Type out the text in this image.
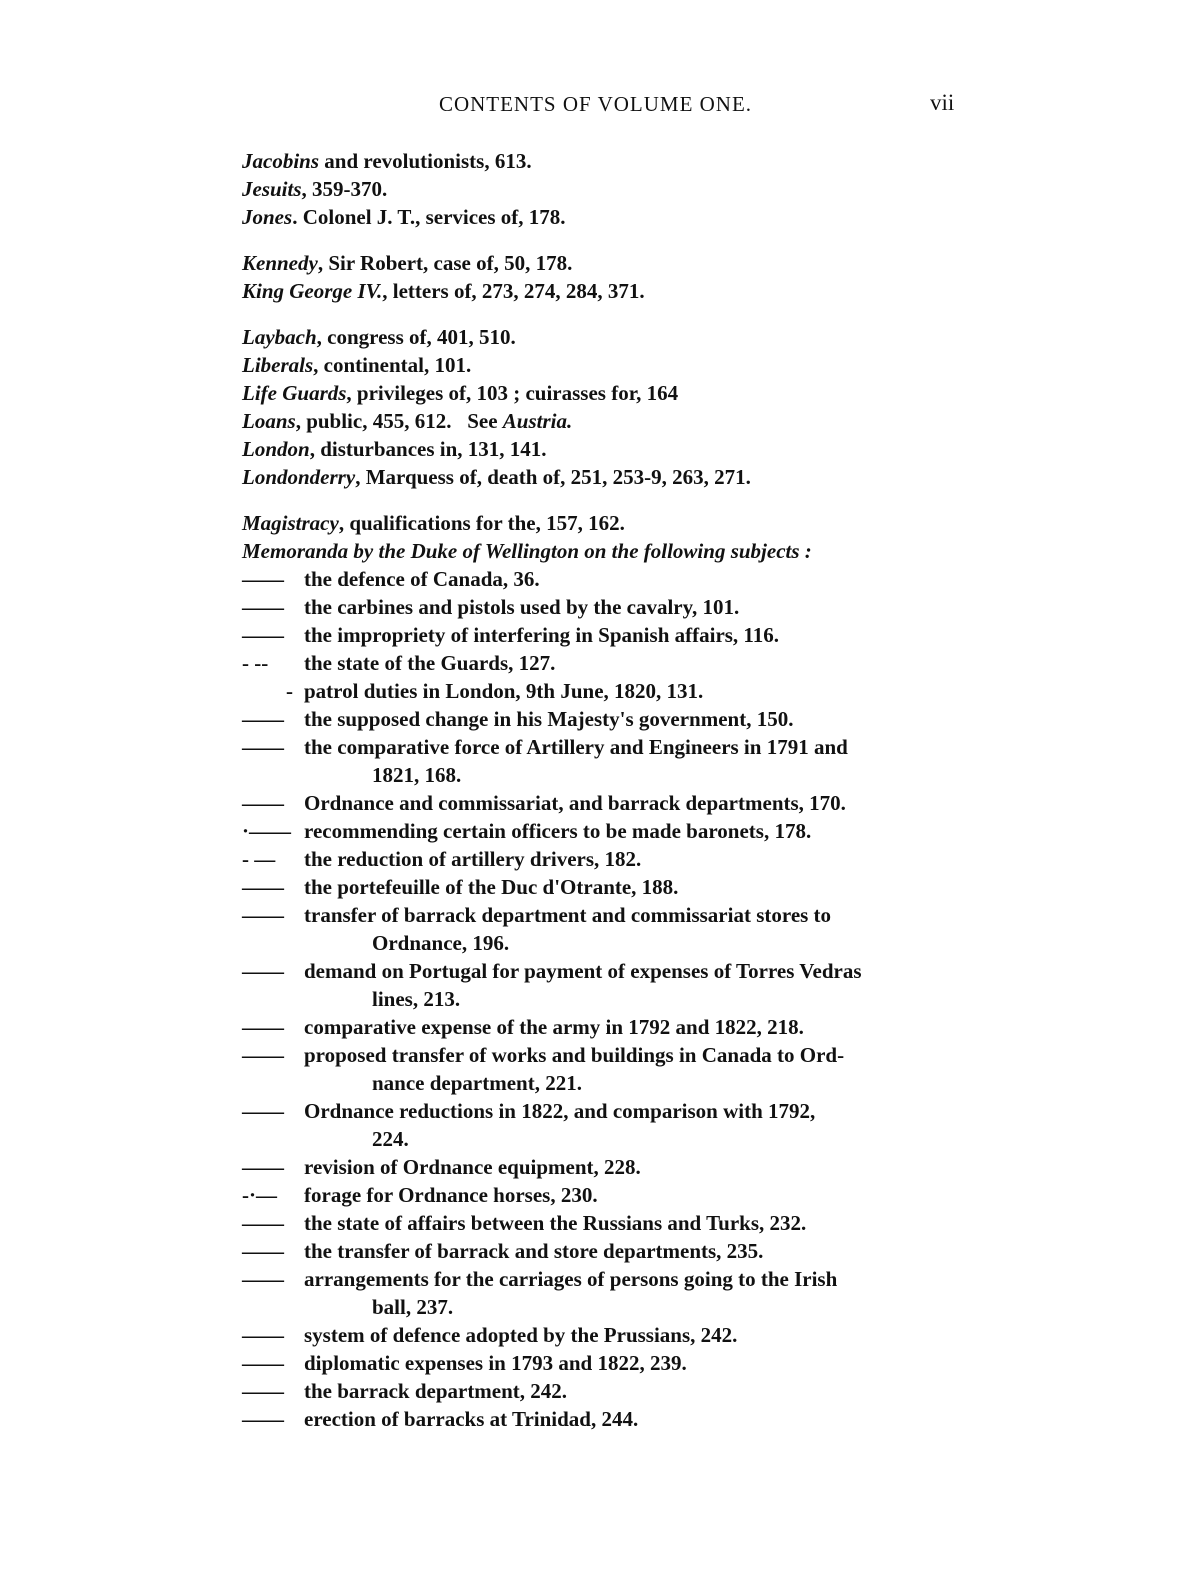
CONTENTS OF VOLUME ONE.	vii
Jacobins and revolutionists, 613.
Jesuits, 359-370.
Jones. Colonel J. T., services of, 178.
Kennedy, Sir Robert, case of, 50, 178.
King George IV., letters of, 273, 274, 284, 371.
Laybach, congress of, 401, 510.
Liberals, continental, 101.
Life Guards, privileges of, 103 ; cuirasses for, 164
Loans, public, 455, 612. See Austria.
London, disturbances in, 131, 141.
Londonderry, Marquess of, death of, 251, 253-9, 263, 271.
Magistracy, qualifications for the, 157, 162.
Memoranda by the Duke of Wellington on the following subjects :
—— the defence of Canada, 36.
—— the carbines and pistols used by the cavalry, 101.
—— the impropriety of interfering in Spanish affairs, 116.
- --	the state of the Guards, 127.
- patrol duties in London, 9th June, 1820, 131.
—— the supposed change in his Majesty's government, 150.
—— the comparative force of Artillery and Engineers in 1791 and
1821, 168.
—— Ordnance and commissariat, and barrack departments, 170.
·—— recommending certain officers to be made baronets, 178.
- —	the reduction of artillery drivers, 182.
—— the portefeuille of the Duc d'Otrante, 188.
—— transfer of barrack department and commissariat stores to
Ordnance, 196.
—— demand on Portugal for payment of expenses of Torres Vedras
lines, 213.
—— comparative expense of the army in 1792 and 1822, 218.
—— proposed transfer of works and buildings in Canada to Ord-
nance department, 221.
—— Ordnance reductions in 1822, and comparison with 1792,
224.
—— revision of Ordnance equipment, 228.
-·—	forage for Ordnance horses, 230.
—— the state of affairs between the Russians and Turks, 232.
—— the transfer of barrack and store departments, 235.
—— arrangements for the carriages of persons going to the Irish
ball, 237.
—— system of defence adopted by the Prussians, 242.
—— diplomatic expenses in 1793 and 1822, 239.
—— the barrack department, 242.
—— erection of barracks at Trinidad, 244.
